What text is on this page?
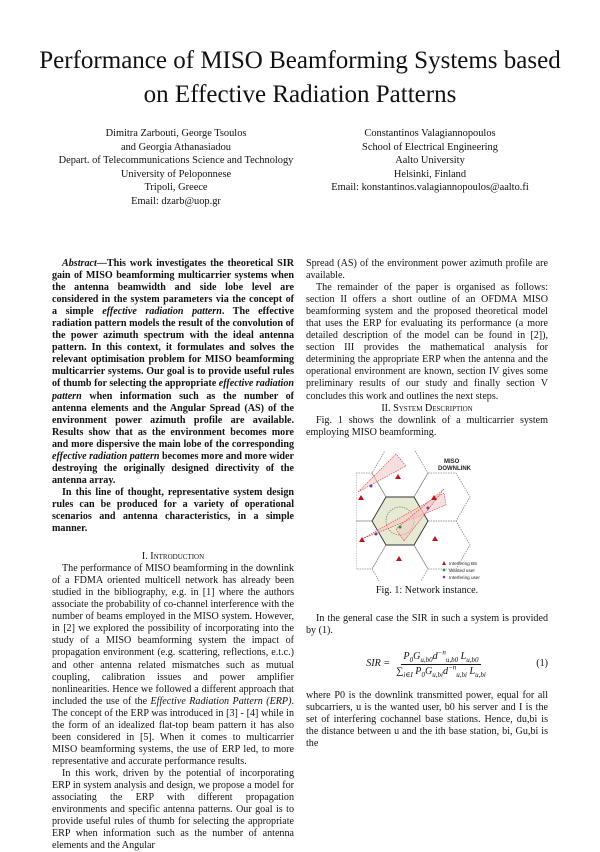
Performance of MISO Beamforming Systems based
on Effective Radiation Patterns
Dimitra Zarbouti, George Tsoulos
and Georgia Athanasiadou
Depart. of Telecommunications Science and Technology
University of Peloponnese
Tripoli, Greece
Email: dzarb@uop.gr
Constantinos Valagiannopoulos
School of Electrical Engineering
Aalto University
Helsinki, Finland
Email: konstantinos.valagiannopoulos@aalto.fi

Abstract—This work investigates the theoretical SIR gain of MISO beamforming multicarrier systems when the antenna beamwidth and side lobe level are considered in the system parameters via the concept of a simple effective radiation pattern. The effective radiation pattern models the result of the convolution of the power azimuth spectrum with the ideal antenna pattern. In this context, it formulates and solves the relevant optimisation problem for MISO beamforming multicarrier systems. Our goal is to provide useful rules of thumb for selecting the appropriate effective radiation pattern when information such as the number of antenna elements and the Angular Spread (AS) of the environment power azimuth profile are available. Results show that as the environment becomes more and more dispersive the main lobe of the corresponding effective radiation pattern becomes more and more wider destroying the originally designed directivity of the antenna array.

In this line of thought, representative system design rules can be produced for a variety of operational scenarios and antenna characteristics, in a simple manner.

I. Introduction

The performance of MISO beamforming in the downlink of a FDMA oriented multicell network has already been studied in the bibliography, e.g. in [1] where the authors associate the probability of co-channel interference with the number of beams employed in the MISO system. However, in [2] we explored the possibility of incorporating into the study of a MISO beamforming system the impact of propagation environment (e.g. scattering, reflections, e.t.c.) and other antenna related mismatches such as mutual coupling, calibration issues and power amplifier nonlinearities. Hence we followed a different approach that included the use of the Effective Radiation Pattern (ERP). The concept of the ERP was introduced in [3] - [4] while in the form of an idealized flat-top beam pattern it has also been considered in [5]. When it comes to multicarrier MISO beamforming systems, the use of ERP led, to more representative and accurate performance results.

In this work, driven by the potential of incorporating ERP in system analysis and design, we propose a model for associating the ERP with different propagation environments and specific antenna patterns. Our goal is to provide useful rules of thumb for selecting the appropriate ERP when information such as the number of antenna elements and the Angular

Spread (AS) of the environment power azimuth profile are available.

The remainder of the paper is organised as follows: section II offers a short outline of an OFDMA MISO beamforming system and the proposed theoretical model that uses the ERP for evaluating its performance (a more detailed description of the model can be found in [2]), section III provides the mathematical analysis for determining the appropriate ERP when the antenna and the operational environment are known, section IV gives some preliminary results of our study and finally section V concludes this work and outlines the next steps.

II. System Description

Fig. 1 shows the downlink of a multicarrier system employing MISO beamforming.

MISO
DOWNLINK
Interfering BS
Wanted user
Interfering user

Fig. 1: Network instance.

In the general case the SIR in such a system is provided by (1).

SIR = $\frac{P_0G_{u,b0}d^{-n}_{u,b0} L_{u,b0}}{\sum_{i\in I} P_0G_{u,bi}d^{-n}_{u,bi} L_{u,bi}}$	(1)

where P0 is the downlink transmitted power, equal for all subcarriers, u is the wanted user, b0 his server and I is the set of interfering cochannel base stations. Hence, du,bi is the distance between u and the ith base station, bi, Gu,bi is the
